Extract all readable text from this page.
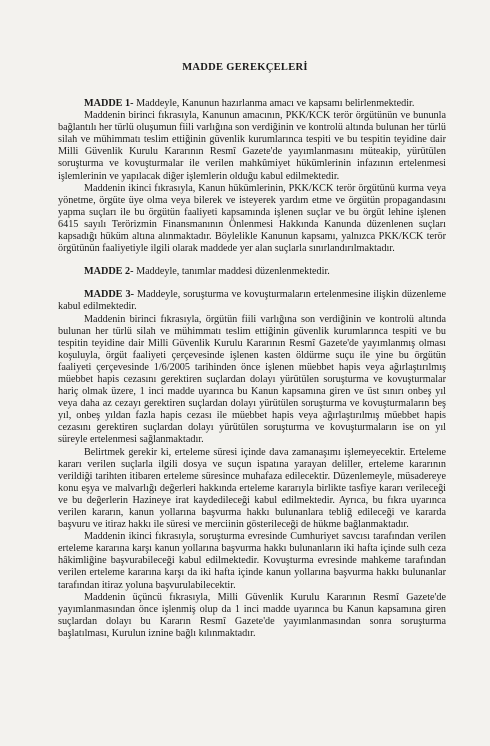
MADDE GEREKÇELERİ

MADDE 1- Maddeyle, Kanunun hazırlanma amacı ve kapsamı belirlenmektedir.

Maddenin birinci fıkrasıyla, Kanunun amacının, PKK/KCK terör örgütünün ve bununla bağlantılı her türlü oluşumun fiili varlığına son verdiğinin ve kontrolü altında bulunan her türlü silah ve mühimmatı teslim ettiğinin güvenlik kurumlarınca tespiti ve bu tespitin teyidine dair Milli Güvenlik Kurulu Kararının Resmî Gazete'de yayımlanmasını müteakip, yürütülen soruşturma ve kovuşturmalar ile verilen mahkûmiyet hükümlerinin infazının ertelenmesi işlemlerinin ve yapılacak diğer işlemlerin olduğu kabul edilmektedir.

Maddenin ikinci fıkrasıyla, Kanun hükümlerinin, PKK/KCK terör örgütünü kurma veya yönetme, örgüte üye olma veya bilerek ve isteyerek yardım etme ve örgütün propagandasını yapma suçları ile bu örgütün faaliyeti kapsamında işlenen suçlar ve bu örgüt lehine işlenen 6415 sayılı Terörizmin Finansmanının Önlenmesi Hakkında Kanunda düzenlenen suçları kapsadığı hüküm altına alınmaktadır. Böylelikle Kanunun kapsamı, yalnızca PKK/KCK terör örgütünün faaliyetiyle ilgili olarak maddede yer alan suçlarla sınırlandırılmaktadır.

MADDE 2- Maddeyle, tanımlar maddesi düzenlenmektedir.

MADDE 3- Maddeyle, soruşturma ve kovuşturmaların ertelenmesine ilişkin düzenleme kabul edilmektedir.

Maddenin birinci fıkrasıyla, örgütün fiili varlığına son verdiğinin ve kontrolü altında bulunan her türlü silah ve mühimmatı teslim ettiğinin güvenlik kurumlarınca tespiti ve bu tespitin teyidine dair Milli Güvenlik Kurulu Kararının Resmî Gazete'de yayımlanmış olması koşuluyla, örgüt faaliyeti çerçevesinde işlenen kasten öldürme suçu ile yine bu örgütün faaliyeti çerçevesinde 1/6/2005 tarihinden önce işlenen müebbet hapis veya ağırlaştırılmış müebbet hapis cezasını gerektiren suçlardan dolayı yürütülen soruşturma ve kovuşturmalar hariç olmak üzere, 1 inci madde uyarınca bu Kanun kapsamına giren ve üst sınırı onbeş yıl veya daha az cezayı gerektiren suçlardan dolayı yürütülen soruşturma ve kovuşturmaların beş yıl, onbeş yıldan fazla hapis cezası ile müebbet hapis veya ağırlaştırılmış müebbet hapis cezasını gerektiren suçlardan dolayı yürütülen soruşturma ve kovuşturmaların ise on yıl süreyle ertelenmesi sağlanmaktadır.

Belirtmek gerekir ki, erteleme süresi içinde dava zamanaşımı işlemeyecektir. Erteleme kararı verilen suçlarla ilgili dosya ve suçun ispatına yarayan deliller, erteleme kararının verildiği tarihten itibaren erteleme süresince muhafaza edilecektir. Düzenlemeyle, müsadereye konu eşya ve malvarlığı değerleri hakkında erteleme kararıyla birlikte tasfiye kararı verileceği ve bu değerlerin Hazineye irat kaydedileceği kabul edilmektedir. Ayrıca, bu fıkra uyarınca verilen kararın, kanun yollarına başvurma hakkı bulunanlara tebliğ edileceği ve kararda başvuru ve itiraz hakkı ile süresi ve merciinin gösterileceği de hükme bağlanmaktadır.

Maddenin ikinci fıkrasıyla, soruşturma evresinde Cumhuriyet savcısı tarafından verilen erteleme kararına karşı kanun yollarına başvurma hakkı bulunanların iki hafta içinde sulh ceza hâkimliğine başvurabileceği kabul edilmektedir. Kovuşturma evresinde mahkeme tarafından verilen erteleme kararına karşı da iki hafta içinde kanun yollarına başvurma hakkı bulunanlar tarafından itiraz yoluna başvurulabilecektir.

Maddenin üçüncü fıkrasıyla, Milli Güvenlik Kurulu Kararının Resmî Gazete'de yayımlanmasından önce işlenmiş olup da 1 inci madde uyarınca bu Kanun kapsamına giren suçlardan dolayı bu Kararın Resmî Gazete'de yayımlanmasından sonra soruşturma başlatılması, Kurulun iznine bağlı kılınmaktadır.
